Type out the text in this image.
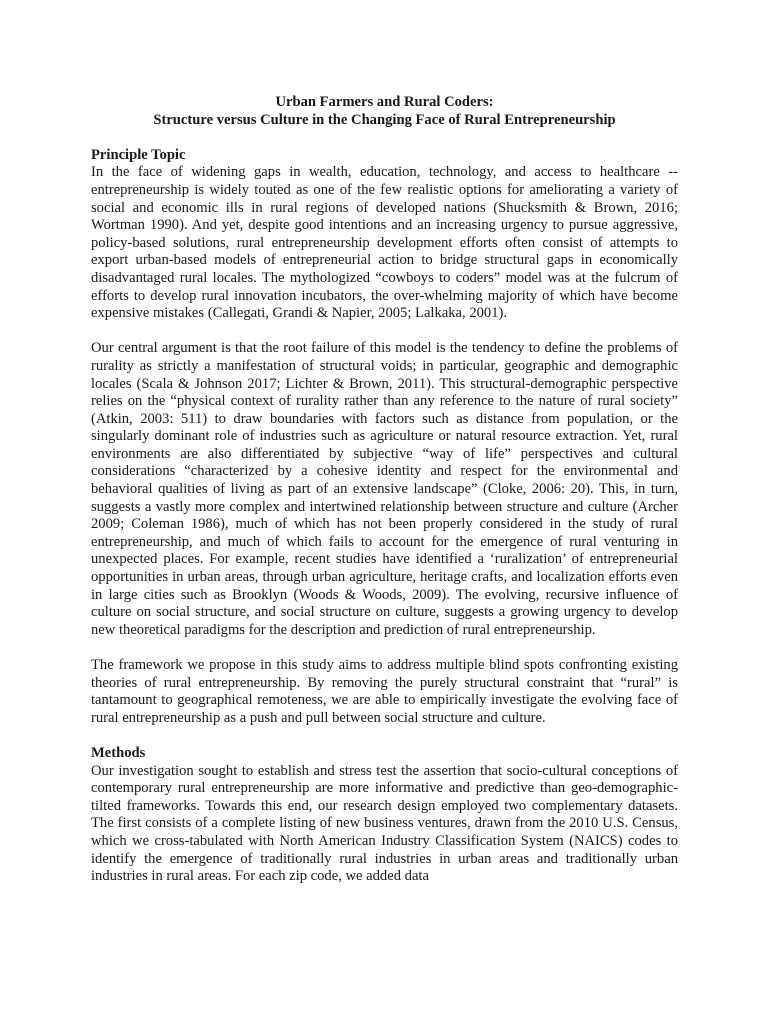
Urban Farmers and Rural Coders:
Structure versus Culture in the Changing Face of Rural Entrepreneurship
Principle Topic

In the face of widening gaps in wealth, education, technology, and access to healthcare -- entrepreneurship is widely touted as one of the few realistic options for ameliorating a variety of social and economic ills in rural regions of developed nations (Shucksmith & Brown, 2016; Wortman 1990). And yet, despite good intentions and an increasing urgency to pursue aggressive, policy-based solutions, rural entrepreneurship development efforts often consist of attempts to export urban-based models of entrepreneurial action to bridge structural gaps in economically disadvantaged rural locales. The mythologized “cowboys to coders” model was at the fulcrum of efforts to develop rural innovation incubators, the over-whelming majority of which have become expensive mistakes (Callegati, Grandi & Napier, 2005; Lalkaka, 2001).

Our central argument is that the root failure of this model is the tendency to define the problems of rurality as strictly a manifestation of structural voids; in particular, geographic and demographic locales (Scala & Johnson 2017; Lichter & Brown, 2011). This structural-demographic perspective relies on the “physical context of rurality rather than any reference to the nature of rural society” (Atkin, 2003: 511) to draw boundaries with factors such as distance from population, or the singularly dominant role of industries such as agriculture or natural resource extraction. Yet, rural environments are also differentiated by subjective “way of life” perspectives and cultural considerations “characterized by a cohesive identity and respect for the environmental and behavioral qualities of living as part of an extensive landscape” (Cloke, 2006: 20). This, in turn, suggests a vastly more complex and intertwined relationship between structure and culture (Archer 2009; Coleman 1986), much of which has not been properly considered in the study of rural entrepreneurship, and much of which fails to account for the emergence of rural venturing in unexpected places. For example, recent studies have identified a ‘ruralization’ of entrepreneurial opportunities in urban areas, through urban agriculture, heritage crafts, and localization efforts even in large cities such as Brooklyn (Woods & Woods, 2009). The evolving, recursive influence of culture on social structure, and social structure on culture, suggests a growing urgency to develop new theoretical paradigms for the description and prediction of rural entrepreneurship.

The framework we propose in this study aims to address multiple blind spots confronting existing theories of rural entrepreneurship. By removing the purely structural constraint that “rural” is tantamount to geographical remoteness, we are able to empirically investigate the evolving face of rural entrepreneurship as a push and pull between social structure and culture.

Methods

Our investigation sought to establish and stress test the assertion that socio-cultural conceptions of contemporary rural entrepreneurship are more informative and predictive than geo-demographic-tilted frameworks. Towards this end, our research design employed two complementary datasets. The first consists of a complete listing of new business ventures, drawn from the 2010 U.S. Census, which we cross-tabulated with North American Industry Classification System (NAICS) codes to identify the emergence of traditionally rural industries in urban areas and traditionally urban industries in rural areas. For each zip code, we added data
